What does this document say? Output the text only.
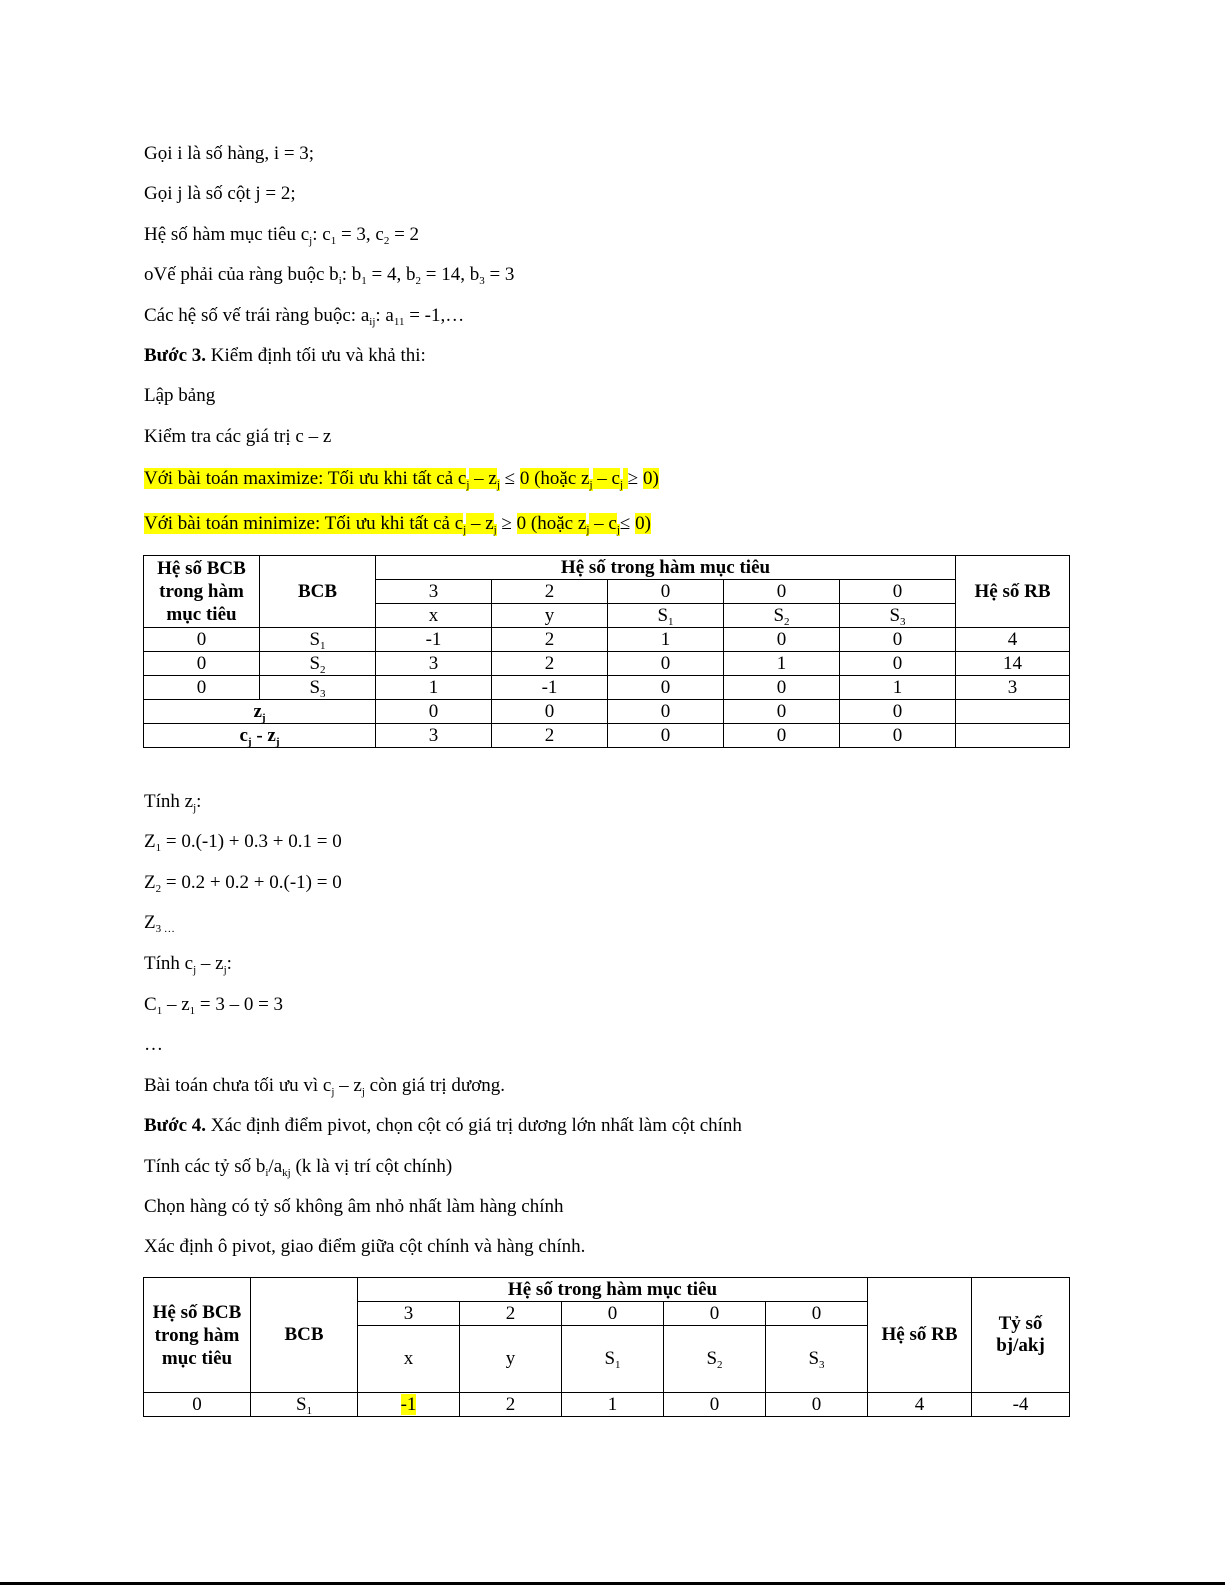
Gọi i là số hàng, i = 3;
Gọi j là số cột j = 2;
Hệ số hàm mục tiêu $c_j$: $c_1 = 3$, $c_2 = 2$
oVế phải của ràng buộc $b_i$: $b_1 = 4$, $b_2 = 14$, $b_3 = 3$
Các hệ số vế trái ràng buộc: $a_{ij}$: $a_{11}$ = -1,…
Bước 3. Kiểm định tối ưu và khả thi:
Lập bảng
Kiểm tra các giá trị c – z
Với bài toán maximize: Tối ưu khi tất cả $c_j - z_j \le 0$ (hoặc $z_j - c_j \ge 0$)
Với bài toán minimize: Tối ưu khi tất cả $c_j - z_j \ge 0$ (hoặc $z_j - c_j\le 0$)
Hệ số BCB trong hàm mục tiêu	BCB	Hệ số trong hàm mục tiêu					Hệ số RB
		3	2	0	0	0	
		x	y	$S_1$	$S_2$	$S_3$
0	$S_1$	-1	2	1	0	0	4
0	$S_2$	3	2	0	1	0	14
0	$S_3$	1	-1	0	0	1	3
$z_j$		0	0	0	0	0	
$c_j - z_j$		3	2	0	0	0	
Tính $z_j$:
$Z_1 = 0.(-1) + 0.3 + 0.1 = 0$
$Z_2 = 0.2 + 0.2 + 0.(-1) = 0$
$Z_{3 \dots}$
Tính $c_j - z_j$:
$C_1 - z_1 = 3 - 0 = 3$
…
Bài toán chưa tối ưu vì $c_j - z_j$ còn giá trị dương.
Bước 4. Xác định điểm pivot, chọn cột có giá trị dương lớn nhất làm cột chính
Tính các tỷ số $b_i/a_{kj}$ (k là vị trí cột chính)
Chọn hàng có tỷ số không âm nhỏ nhất làm hàng chính
Xác định ô pivot, giao điểm giữa cột chính và hàng chính.
Hệ số BCB trong hàm mục tiêu	BCB	Hệ số trong hàm mục tiêu					Hệ số RB	Tỷ số bj/akj
		3	2	0	0	0		
		x	y	$S_1$	$S_2$	$S_3$
0	$S_1$	-1	2	1	0	0	4	-4
